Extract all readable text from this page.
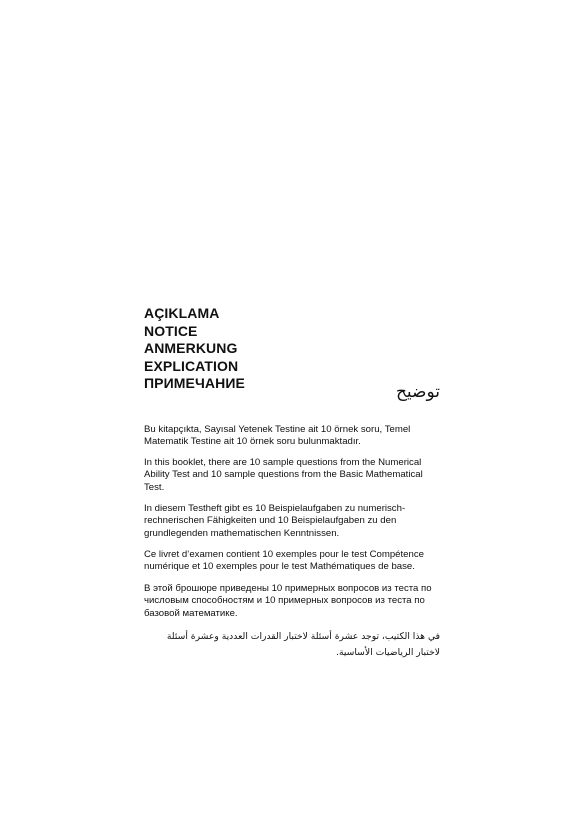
AÇIKLAMA
NOTICE
ANMERKUNG
EXPLICATION
ПРИМЕЧАНИЕ	توضيح

Bu kitapçıkta, Sayısal Yetenek Testine ait 10 örnek soru, Temel Matematik Testine ait 10 örnek soru bulunmaktadır.

In this booklet, there are 10 sample questions from the Numerical Ability Test and 10 sample questions from the Basic Mathematical Test.

In diesem Testheft gibt es 10 Beispielaufgaben zu numerisch-rechnerischen Fähigkeiten und 10 Beispielaufgaben zu den grundlegenden mathematischen Kenntnissen.

Ce livret d’examen contient 10 exemples pour le test Compétence numérique et 10 exemples pour le test Mathématiques de base.

В этой брошюре приведены 10 примерных вопросов из теста по числовым способностям и 10 примерных вопросов из теста по базовой математике.

في هذا الكتيب، توجد عشرة أسئلة لاختبار القدرات العددية وعشرة أسئلة لاختبار الرياضيات الأساسية.
